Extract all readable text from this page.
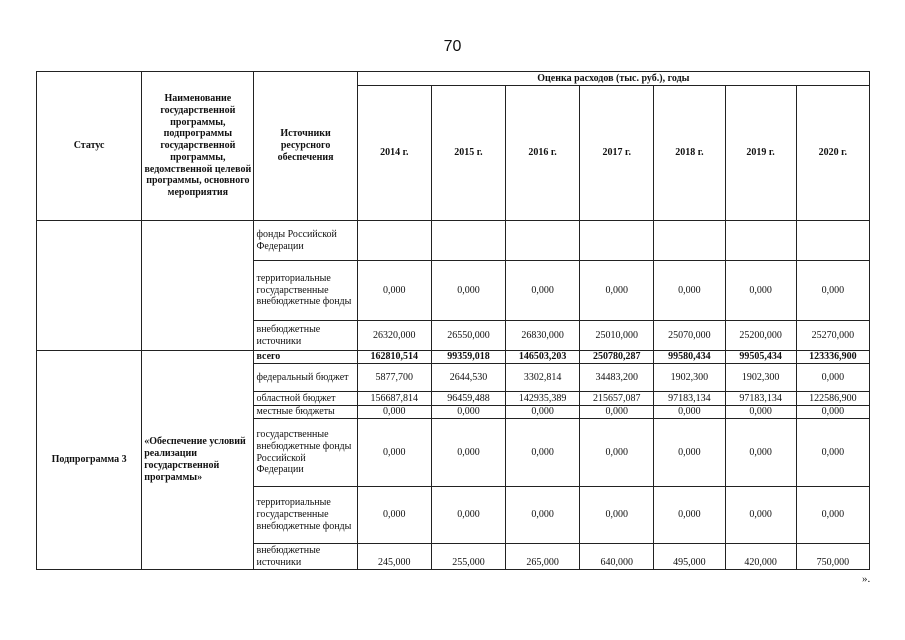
70
Статус	Наименование государственной программы, подпрограммы государственной программы, ведомственной целевой программы, основного мероприятия	Источники ресурсного обеспечения	Оценка расходов (тыс. руб.), годы						
			2014 г.	2015 г.	2016 г.	2017 г.	2018 г.	2019 г.	2020 г.
		фонды Российской Федерации							
		территориальные государственные внебюджетные фонды	0,000	0,000	0,000	0,000	0,000	0,000	0,000
		внебюджетные источники	26320,000	26550,000	26830,000	25010,000	25070,000	25200,000	25270,000
Подпрограмма 3	«Обеспечение условий реализации государственной программы»	всего	162810,514	99359,018	146503,203	250780,287	99580,434	99505,434	123336,900
		федеральный бюджет	5877,700	2644,530	3302,814	34483,200	1902,300	1902,300	0,000
		областной бюджет	156687,814	96459,488	142935,389	215657,087	97183,134	97183,134	122586,900
		местные бюджеты	0,000	0,000	0,000	0,000	0,000	0,000	0,000
		государственные внебюджетные фонды Российской Федерации	0,000	0,000	0,000	0,000	0,000	0,000	0,000
		территориальные государственные внебюджетные фонды	0,000	0,000	0,000	0,000	0,000	0,000	0,000
		внебюджетные источники	245,000	255,000	265,000	640,000	495,000	420,000	750,000
».
